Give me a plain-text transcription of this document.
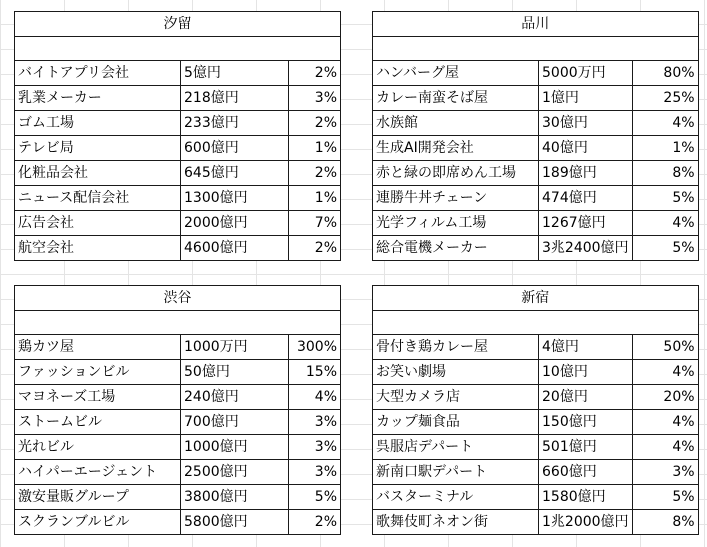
汐留		

バイトアプリ会社	5億円	2%
乳業メーカー	218億円	3%
ゴム工場	233億円	2%
テレビ局	600億円	1%
化粧品会社	645億円	2%
ニュース配信会社	1300億円	1%
広告会社	2000億円	7%
航空会社	4600億円	2%
品川		

ハンバーグ屋	5000万円	80%
カレー南蛮そば屋	1億円	25%
水族館	30億円	4%
生成AI開発会社	40億円	1%
赤と緑の即席めん工場	189億円	8%
連勝牛丼チェーン	474億円	5%
光学フィルム工場	1267億円	4%
総合電機メーカー	3兆2400億円	5%
渋谷		

鶏カツ屋	1000万円	300%
ファッションビル	50億円	15%
マヨネーズ工場	240億円	4%
ストームビル	700億円	3%
光れビル	1000億円	3%
ハイパーエージェント	2500億円	3%
激安量販グループ	3800億円	5%
スクランブルビル	5800億円	2%
新宿		

骨付き鶏カレー屋	4億円	50%
お笑い劇場	10億円	4%
大型カメラ店	20億円	20%
カップ麺食品	150億円	4%
呉服店デパート	501億円	4%
新南口駅デパート	660億円	3%
バスターミナル	1580億円	5%
歌舞伎町ネオン街	1兆2000億円	8%
